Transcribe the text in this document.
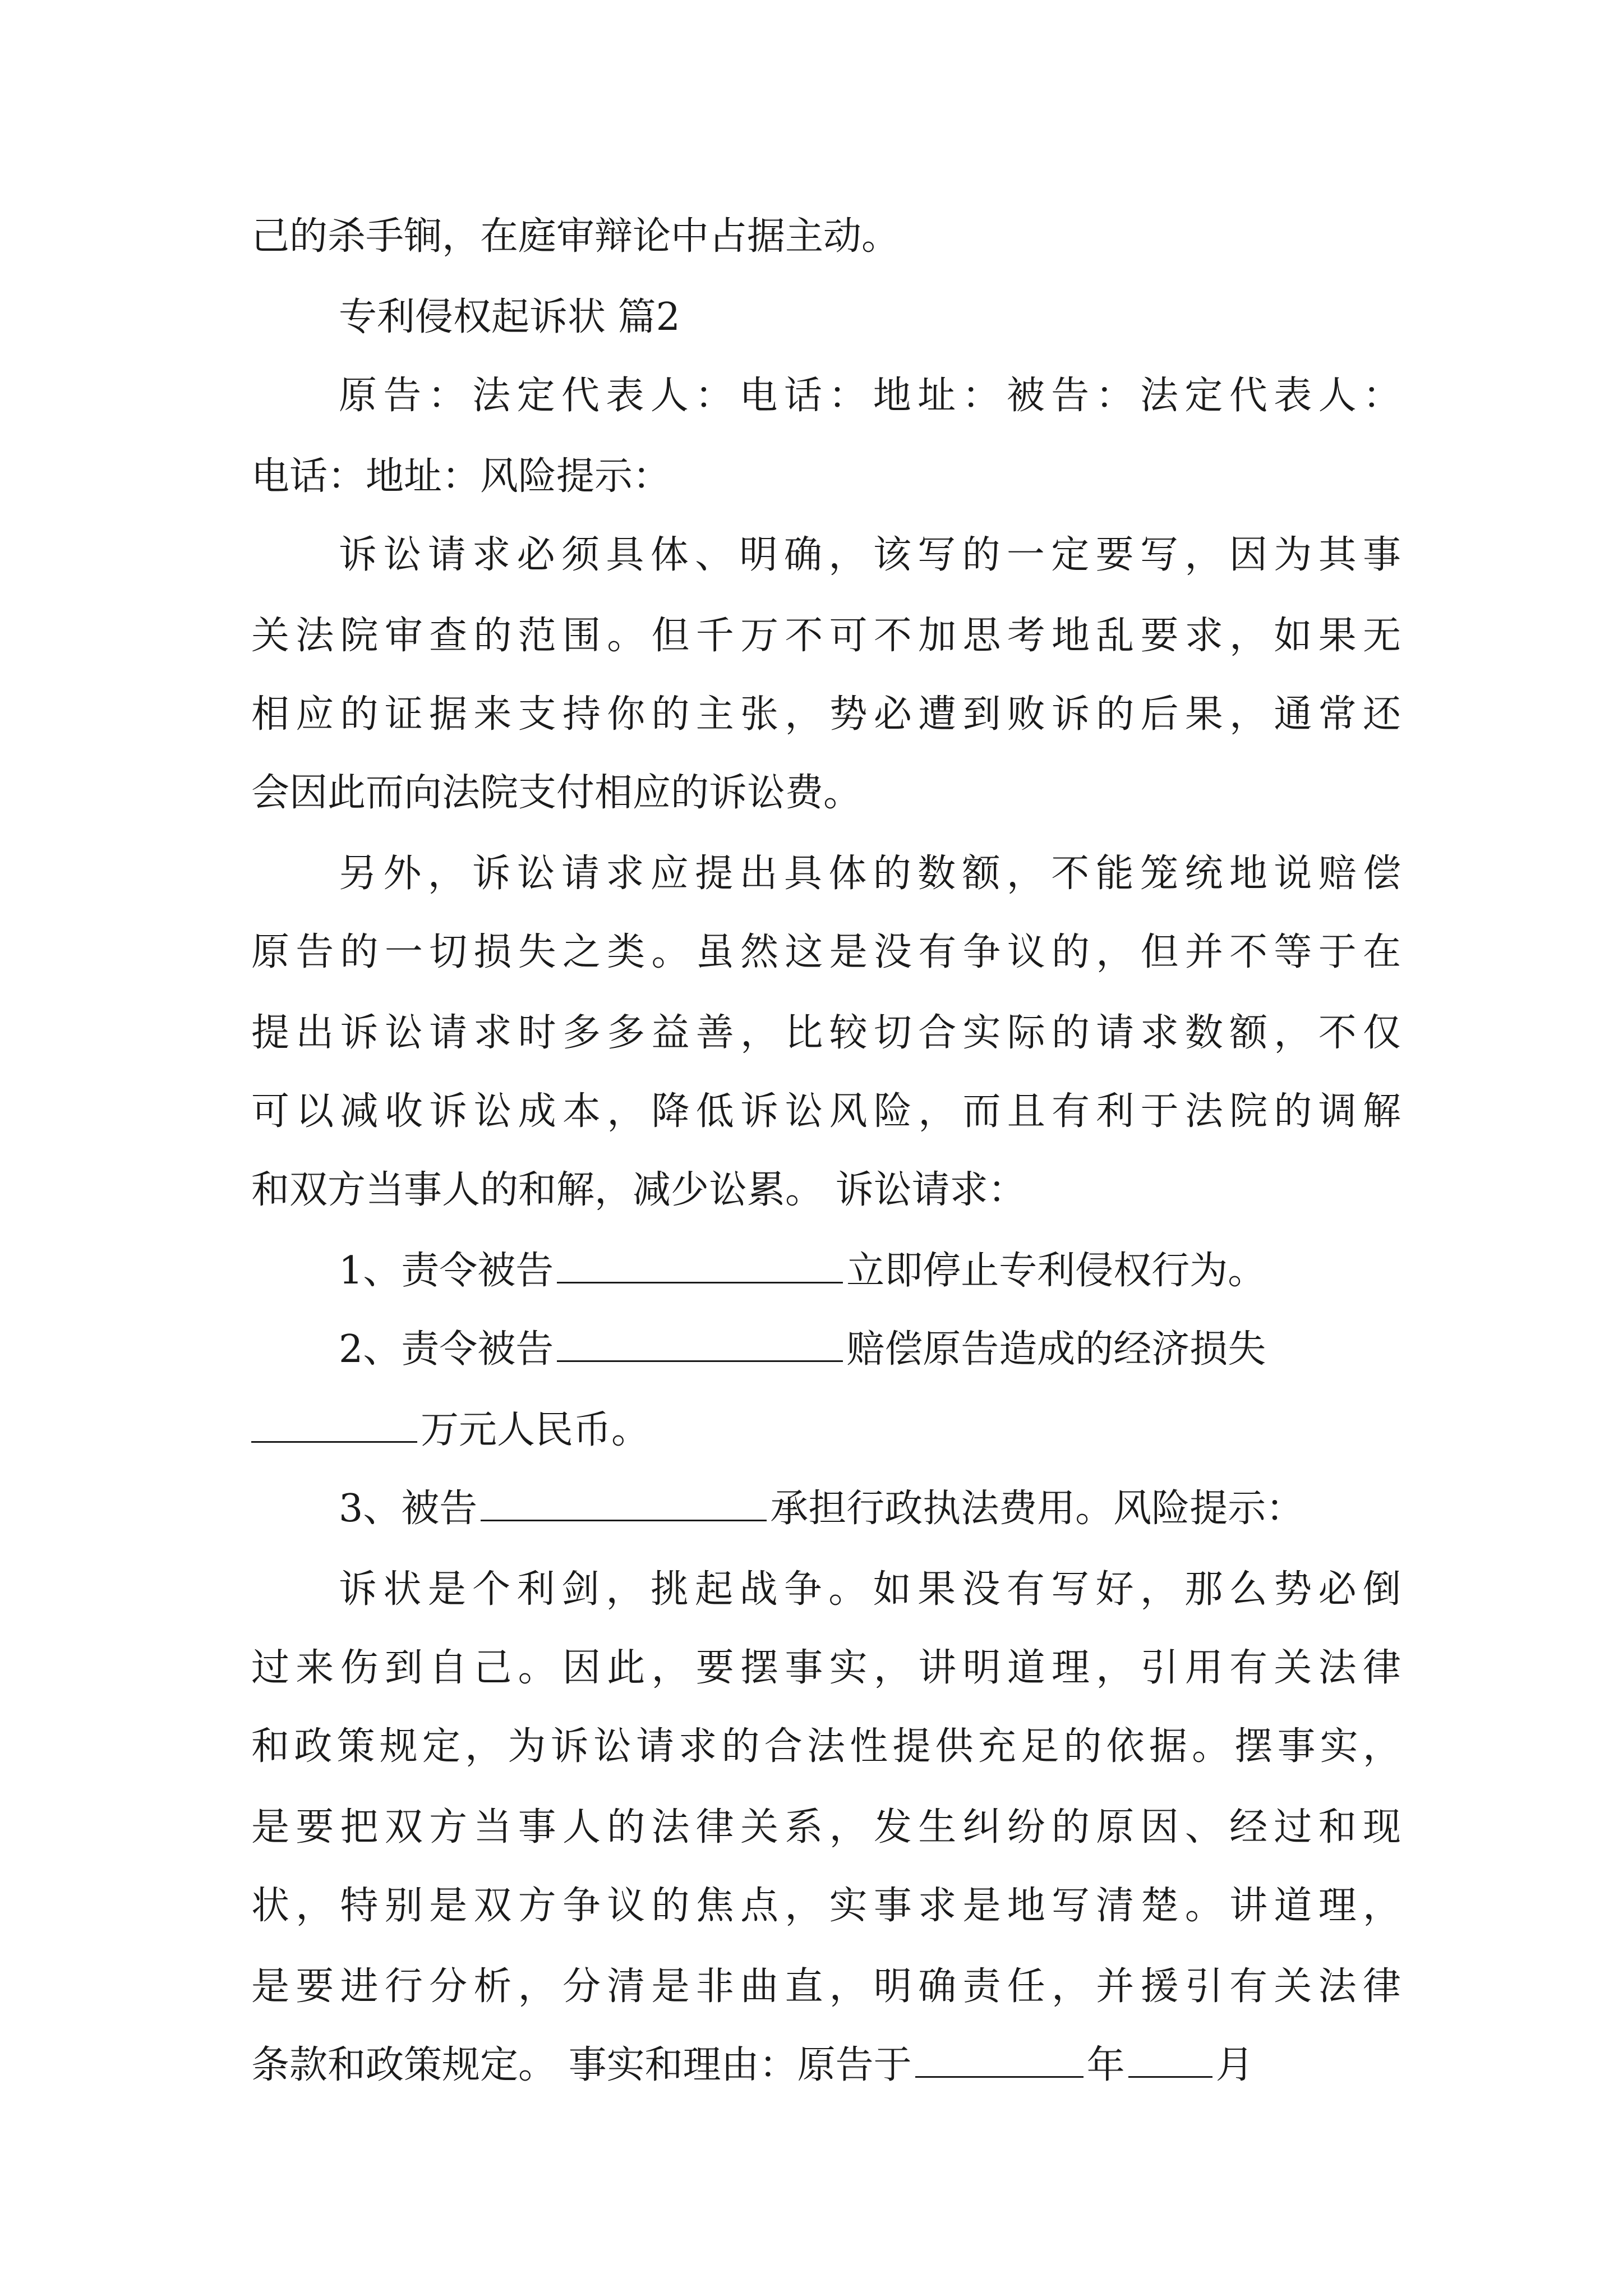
己的杀手锏，在庭审辩论中占据主动。
专利侵权起诉状 篇2
原告：法定代表人：电话：地址：被告：法定代表人：
电话：地址：风险提示：
诉讼请求必须具体、明确，该写的一定要写，因为其事
关法院审查的范围。但千万不可不加思考地乱要求，如果无
相应的证据来支持你的主张，势必遭到败诉的后果，通常还
会因此而向法院支付相应的诉讼费。
另外，诉讼请求应提出具体的数额，不能笼统地说赔偿
原告的一切损失之类。虽然这是没有争议的，但并不等于在
提出诉讼请求时多多益善，比较切合实际的请求数额，不仅
可以减收诉讼成本，降低诉讼风险，而且有利于法院的调解
和双方当事人的和解，减少讼累。 诉讼请求：
1、责令被告	立即停止专利侵权行为。
2、责令被告	赔偿原告造成的经济损失
万元人民币。
3、被告	承担行政执法费用。风险提示：
诉状是个利剑，挑起战争。如果没有写好，那么势必倒
过来伤到自己。因此，要摆事实，讲明道理，引用有关法律
和政策规定，为诉讼请求的合法性提供充足的依据。摆事实，
是要把双方当事人的法律关系，发生纠纷的原因、经过和现
状，特别是双方争议的焦点，实事求是地写清楚。讲道理，
是要进行分析，分清是非曲直，明确责任，并援引有关法律
条款和政策规定。 事实和理由：原告于	年 月
